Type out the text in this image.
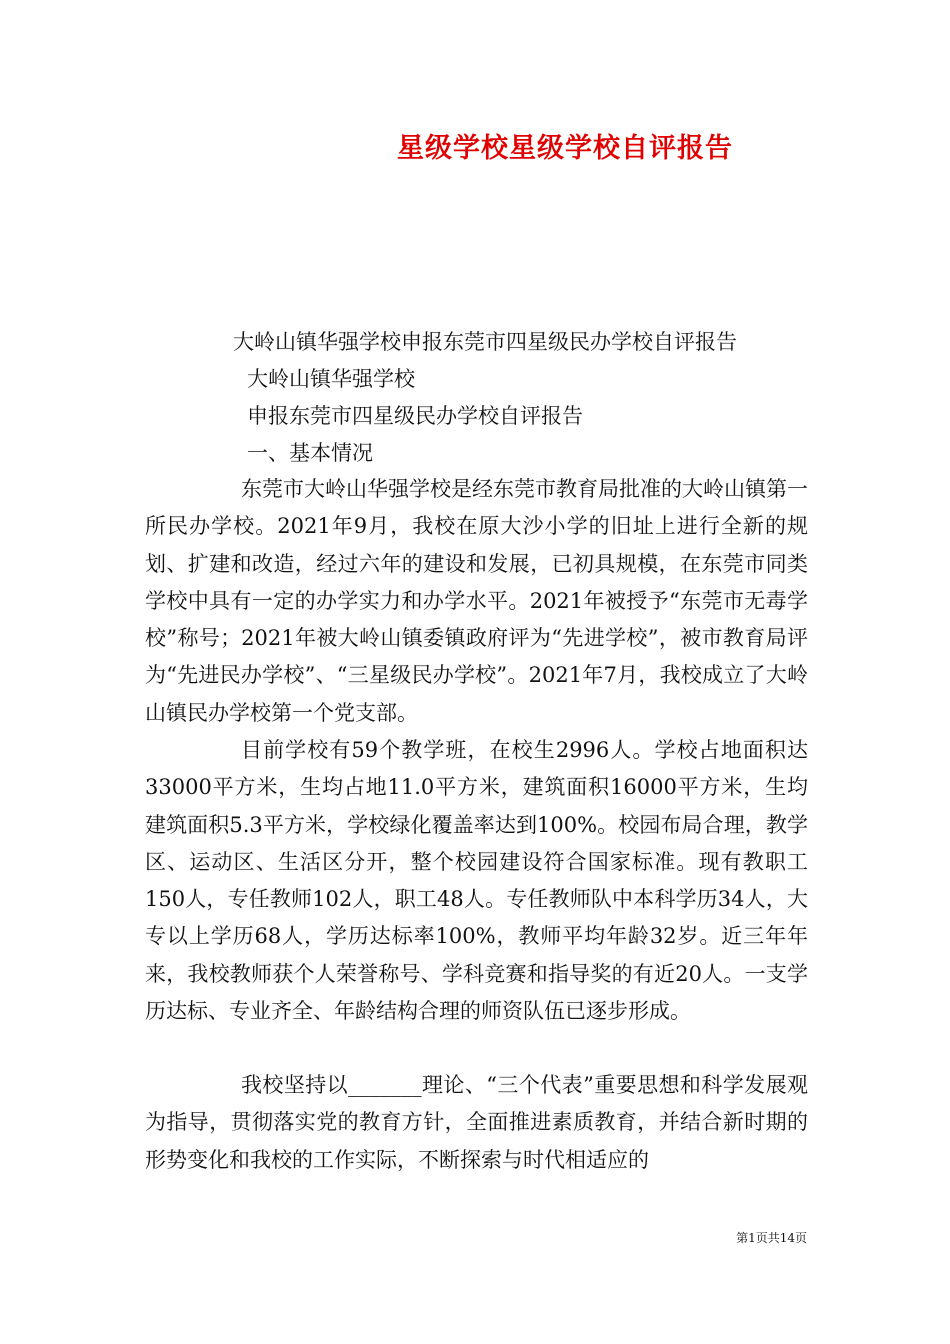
星级学校星级学校自评报告
大岭山镇华强学校申报东莞市四星级民办学校自评报告
大岭山镇华强学校
申报东莞市四星级民办学校自评报告
一、基本情况

东莞市大岭山华强学校是经东莞市教育局批准的大岭山镇第一所民办学校。2021年9月，我校在原大沙小学的旧址上进行全新的规划、扩建和改造，经过六年的建设和发展，已初具规模，在东莞市同类学校中具有一定的办学实力和办学水平。2021年被授予“东莞市无毒学校”称号；2021年被大岭山镇委镇政府评为“先进学校”，被市教育局评为“先进民办学校”、“三星级民办学校”。2021年7月，我校成立了大岭山镇民办学校第一个党支部。

目前学校有59个教学班，在校生2996人。学校占地面积达33000平方米，生均占地11.0平方米，建筑面积16000平方米，生均建筑面积5.3平方米，学校绿化覆盖率达到100%。校园布局合理，教学区、运动区、生活区分开，整个校园建设符合国家标准。现有教职工150人，专任教师102人，职工48人。专任教师队中本科学历34人，大专以上学历68人，学历达标率100%，教师平均年龄32岁。近三年年来，我校教师获个人荣誉称号、学科竞赛和指导奖的有近20人。一支学历达标、专业齐全、年龄结构合理的师资队伍已逐步形成。

我校坚持以_______理论、“三个代表”重要思想和科学发展观为指导，贯彻落实党的教育方针，全面推进素质教育，并结合新时期的形势变化和我校的工作实际，不断探索与时代相适应的

第1页共14页
